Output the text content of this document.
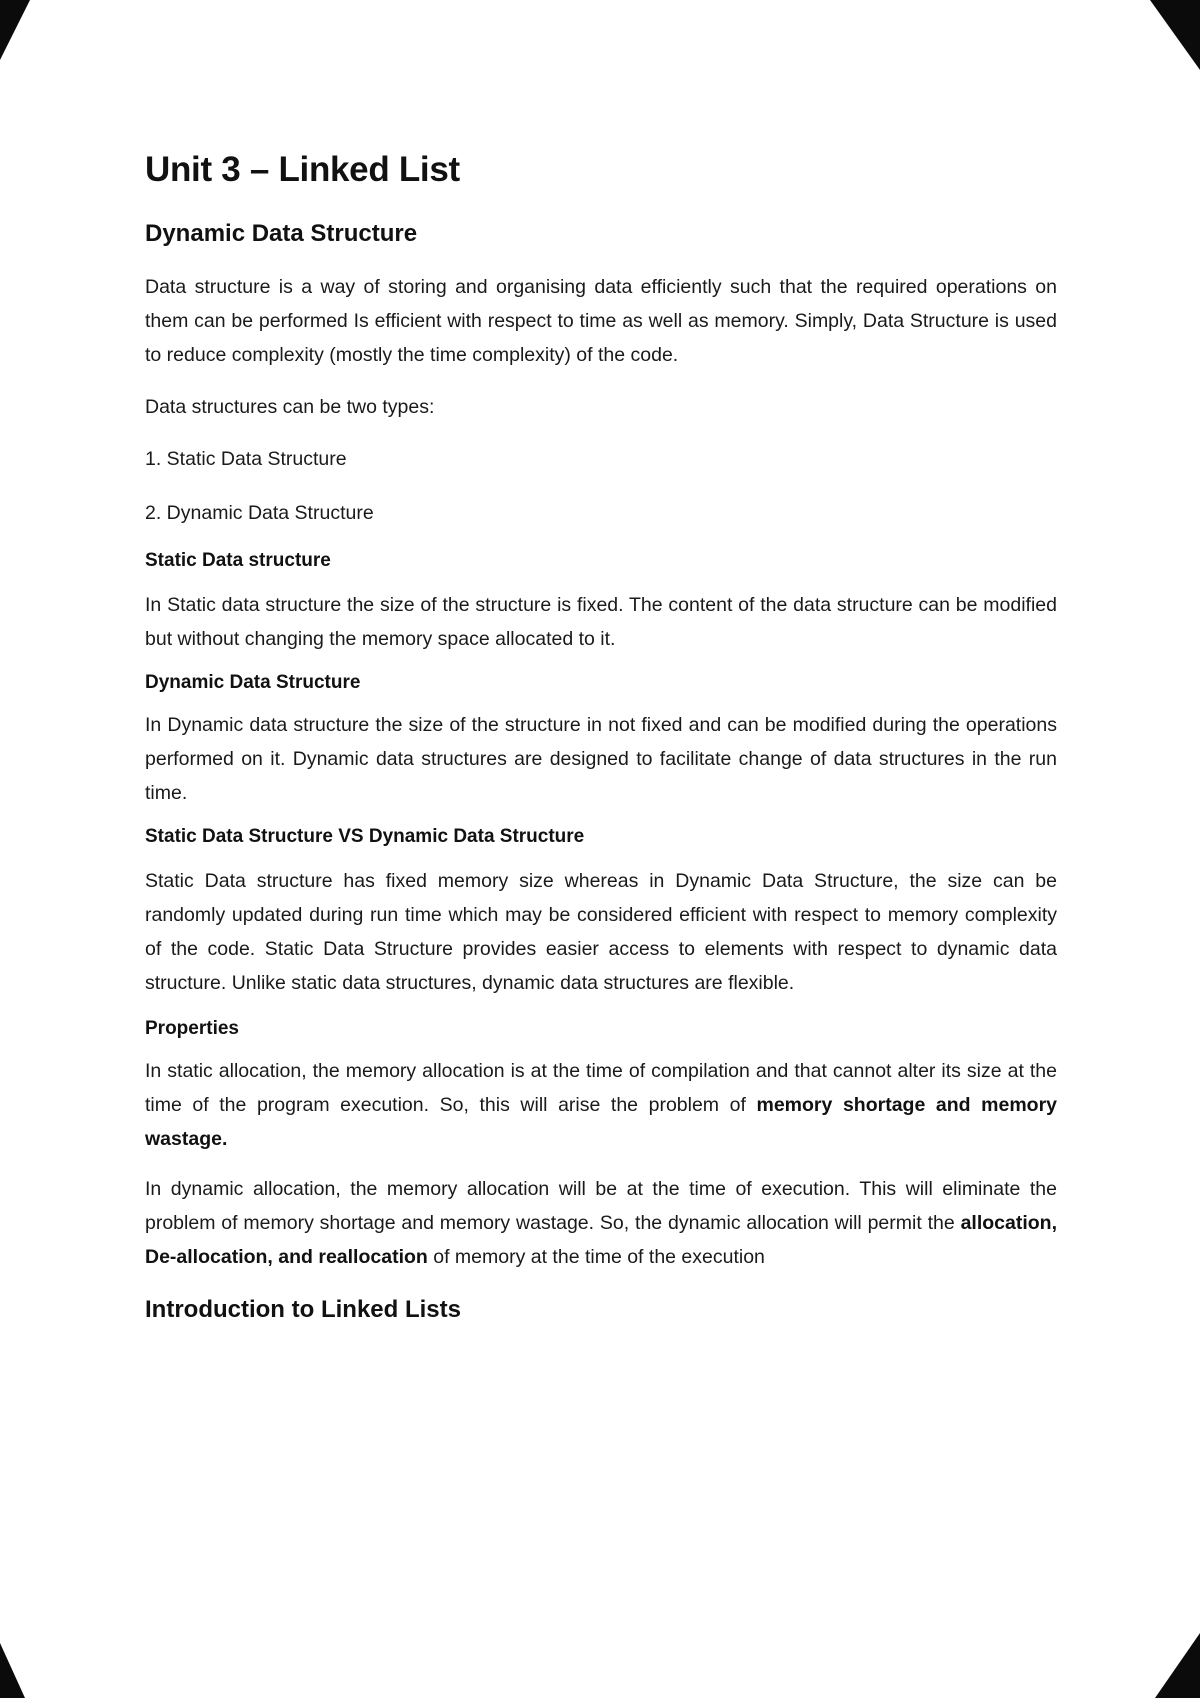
Unit 3 – Linked List
Dynamic Data Structure

Data structure is a way of storing and organising data efficiently such that the required operations on them can be performed Is efficient with respect to time as well as memory. Simply, Data Structure is used to reduce complexity (mostly the time complexity) of the code.

Data structures can be two types:

1. Static Data Structure

2. Dynamic Data Structure

Static Data structure

In Static data structure the size of the structure is fixed. The content of the data structure can be modified but without changing the memory space allocated to it.

Dynamic Data Structure

In Dynamic data structure the size of the structure in not fixed and can be modified during the operations performed on it. Dynamic data structures are designed to facilitate change of data structures in the run time.

Static Data Structure VS Dynamic Data Structure

Static Data structure has fixed memory size whereas in Dynamic Data Structure, the size can be randomly updated during run time which may be considered efficient with respect to memory complexity of the code. Static Data Structure provides easier access to elements with respect to dynamic data structure. Unlike static data structures, dynamic data structures are flexible.

Properties

In static allocation, the memory allocation is at the time of compilation and that cannot alter its size at the time of the program execution. So, this will arise the problem of memory shortage and memory wastage.

In dynamic allocation, the memory allocation will be at the time of execution. This will eliminate the problem of memory shortage and memory wastage. So, the dynamic allocation will permit the allocation, De-allocation, and reallocation of memory at the time of the execution

Introduction to Linked Lists
